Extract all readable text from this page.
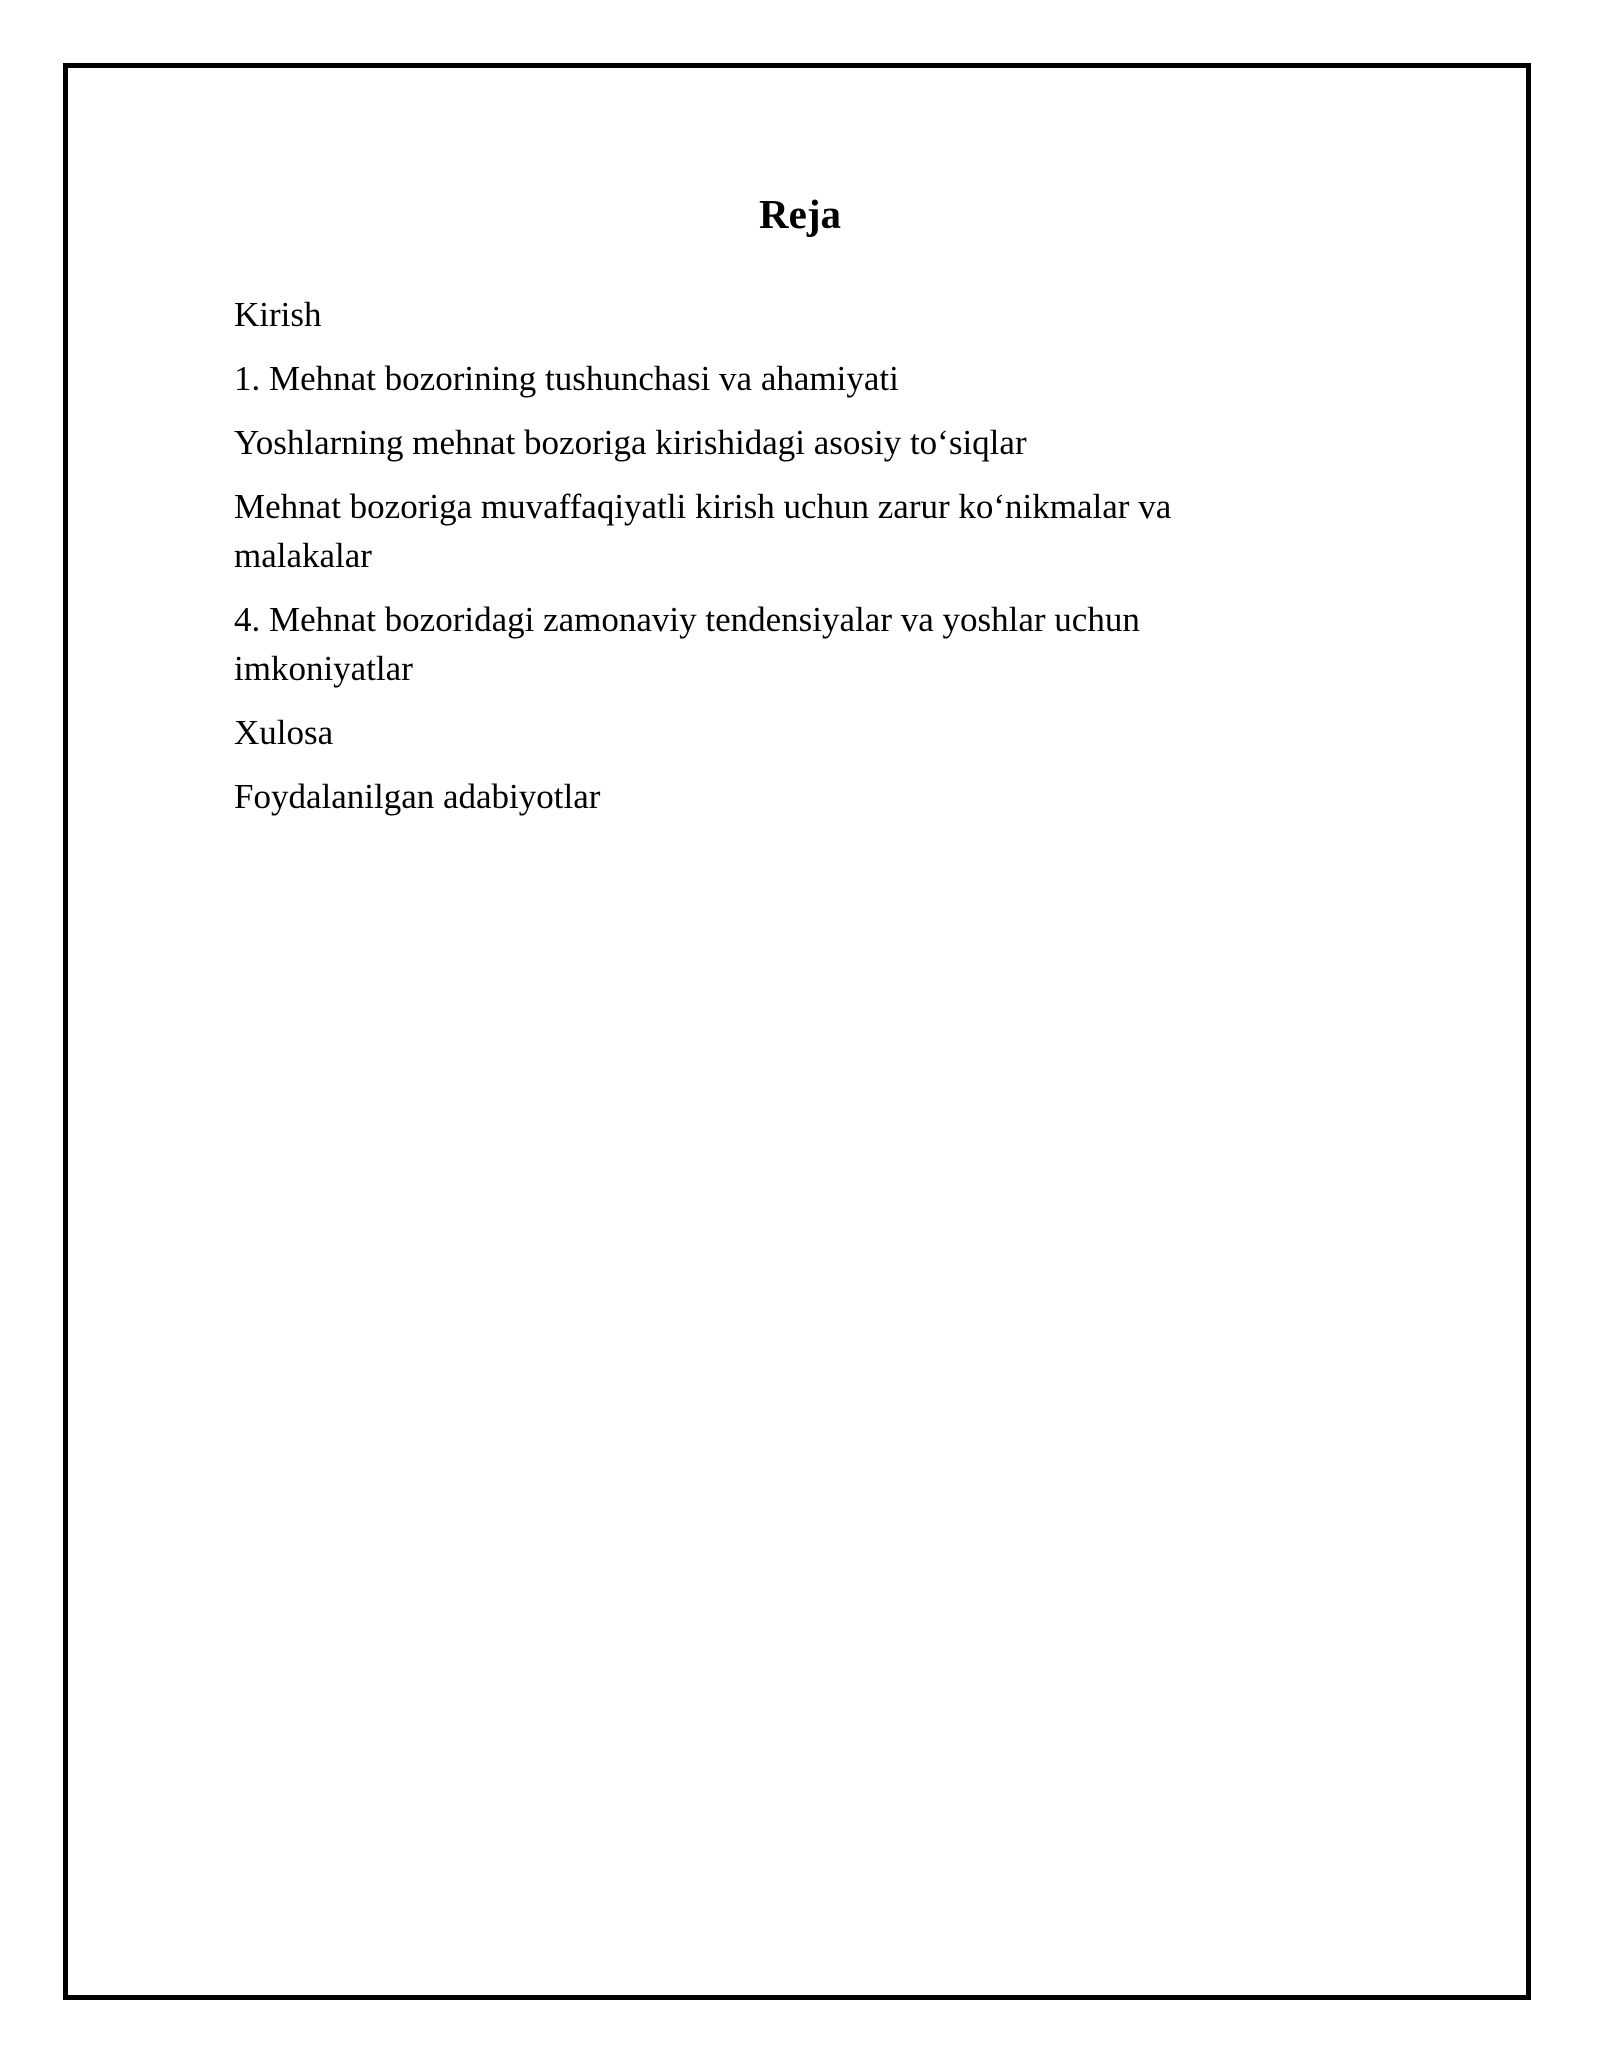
Reja
Kirish
1. Mehnat bozorining tushunchasi va ahamiyati
Yoshlarning mehnat bozoriga kirishidagi asosiy to‘siqlar
Mehnat bozoriga muvaffaqiyatli kirish uchun zarur ko‘nikmalar va malakalar
4. Mehnat bozoridagi zamonaviy tendensiyalar va yoshlar uchun imkoniyatlar
Xulosa
Foydalanilgan adabiyotlar
